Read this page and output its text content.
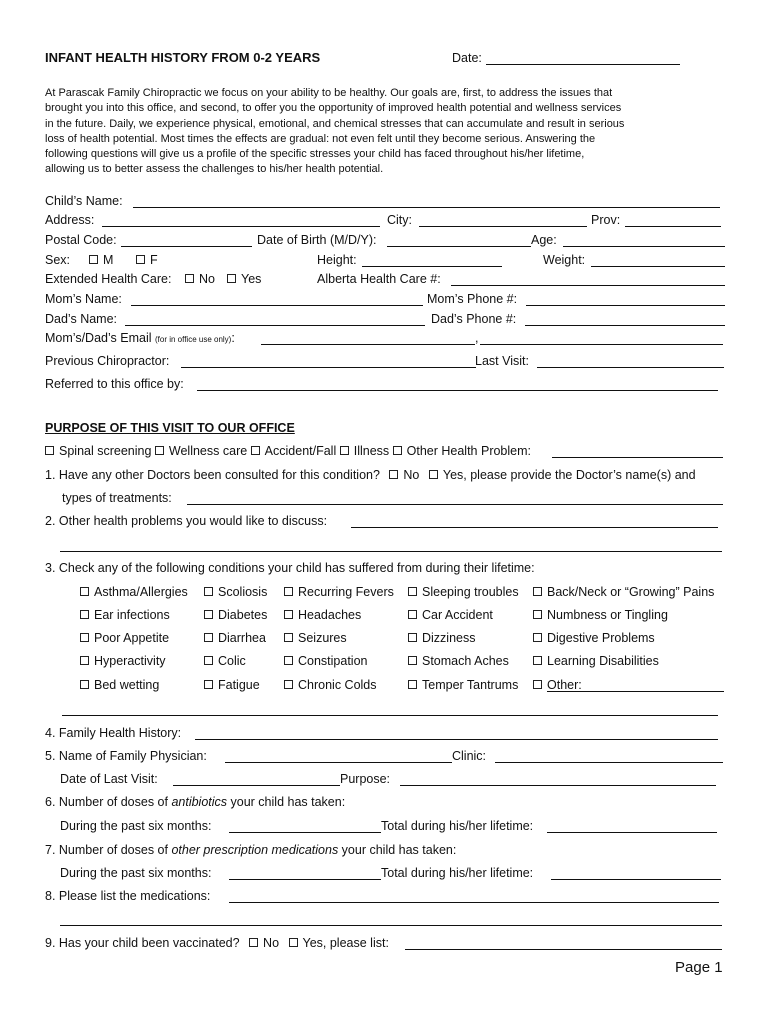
INFANT HEALTH HISTORY FROM 0-2 YEARS	Date:

At Parascak Family Chiropractic we focus on your ability to be healthy. Our goals are, first, to address the issues that

brought you into this office, and second, to offer you the opportunity of improved health potential and wellness services

in the future. Daily, we experience physical, emotional, and chemical stresses that can accumulate and result in serious

loss of health potential. Most times the effects are gradual: not even felt until they become serious. Answering the

following questions will give us a profile of the specific stresses your child has faced throughout his/her lifetime,

allowing us to better assess the challenges to his/her health potential.

Child’s Name:
Address:	City:	Prov:
Postal Code:	Date of Birth (M/D/Y):	Age:
Sex:	M	F	Height:	Weight:
Extended Health Care:	No	Yes	Alberta Health Care #:
Mom’s Name:	Mom’s Phone #:
Dad’s Name:	Dad’s Phone #:
Mom’s/Dad’s Email (for in office use only):	,
Previous Chiropractor:	Last Visit:
Referred to this office by:
PURPOSE OF THIS VISIT TO OUR OFFICE
Spinal screening Wellness care Accident/Fall Illness Other Health Problem:
1. Have any other Doctors been consulted for this condition? No Yes, please provide the Doctor’s name(s) and
types of treatments:
2. Other health problems you would like to discuss:
3. Check any of the following conditions your child has suffered from during their lifetime:
Asthma/Allergies	Scoliosis	Recurring Fevers	Sleeping troubles	Back/Neck or “Growing” Pains
Ear infections	Diabetes	Headaches	Car Accident	Numbness or Tingling
Poor Appetite	Diarrhea	Seizures	Dizziness	Digestive Problems
Hyperactivity	Colic	Constipation	Stomach Aches	Learning Disabilities
Bed wetting	Fatigue	Chronic Colds	Temper Tantrums	Other:
4. Family Health History:
5. Name of Family Physician:	Clinic:
Date of Last Visit:	Purpose:
6. Number of doses of antibiotics your child has taken:
During the past six months:	Total during his/her lifetime:
7. Number of doses of other prescription medications your child has taken:
During the past six months:	Total during his/her lifetime:
8. Please list the medications:
9. Has your child been vaccinated? No Yes, please list:
Page 1
